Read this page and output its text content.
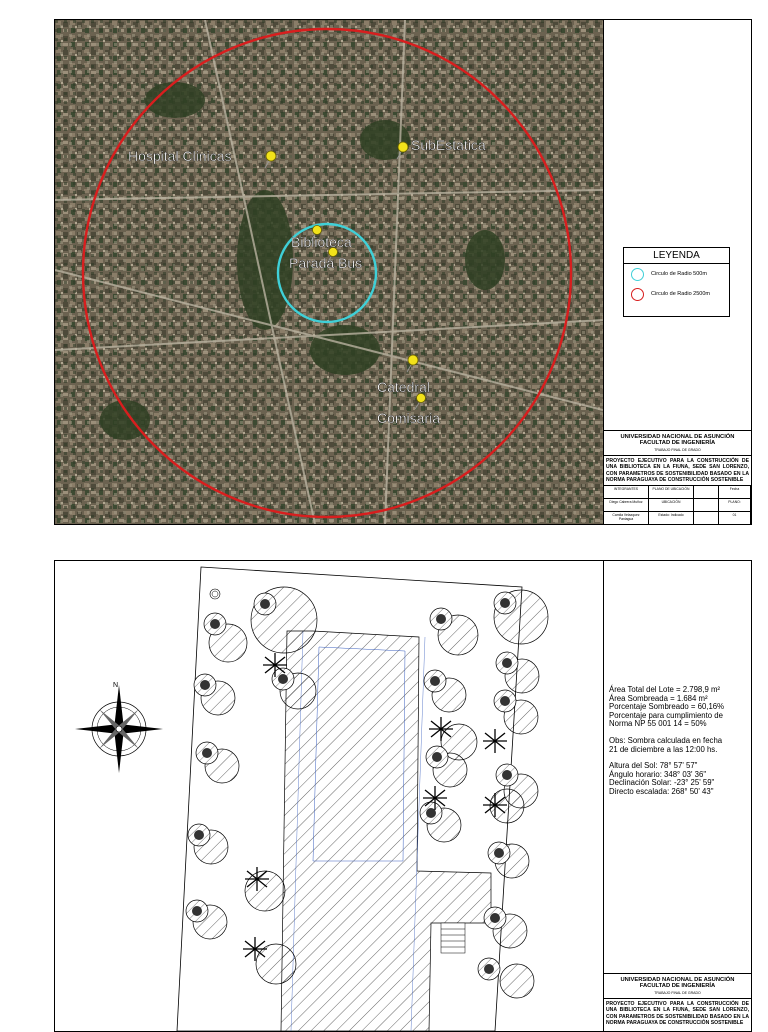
Hospital Clinicas
SubEstatica
Biblioteca
Parada Bus
Catedral
Comisaria
LEYENDA
Circulo de Radio 500m
Circulo de Radio 2500m
UNIVERSIDAD NACIONAL DE ASUNCIÓN
FACULTAD DE INGENIERÍA
TRABAJO FINAL DE GRADO
PROYECTO EJECUTIVO PARA LA CONSTRUCCIÓN DE UNA BIBLIOTECA EN LA FIUNA, SEDE SAN LORENZO, CON PARAMETROS DE SOSTENIBILIDAD BASADO EN LA NORMA PARAGUAYA DE CONSTRUCCIÓN SOSTENIBLE
INTEGRANTES	PLANO DE UBICACIÓN	Fecha
Diego Cabrera Muñoz	UBICACIÓN	PLANO:
Camila Velazquez Paniagua
Estado: Indicado	01
N	Área Total del Lote = 2.798,9 m²
Área Sombreada = 1.684 m²
Porcentaje Sombreado = 60,16%
Porcentaje para cumplimiento de
Norma NP 55 001 14 = 50%

Obs: Sombra calculada en fecha
21 de diciembre a las 12:00 hs.

Altura del Sol: 78° 57' 57"
Ángulo horario: 348° 03' 36"
Declinación Solar: -23° 25' 59"
Directo escalada: 268° 50' 43"

UNIVERSIDAD NACIONAL DE ASUNCIÓN
FACULTAD DE INGENIERÍA
TRABAJO FINAL DE GRADO
PROYECTO EJECUTIVO PARA LA CONSTRUCCIÓN DE UNA BIBLIOTECA EN LA FIUNA, SEDE SAN LORENZO, CON PARAMETROS DE SOSTENIBILIDAD BASADO EN LA NORMA PARAGUAYA DE CONSTRUCCIÓN SOSTENIBLE
